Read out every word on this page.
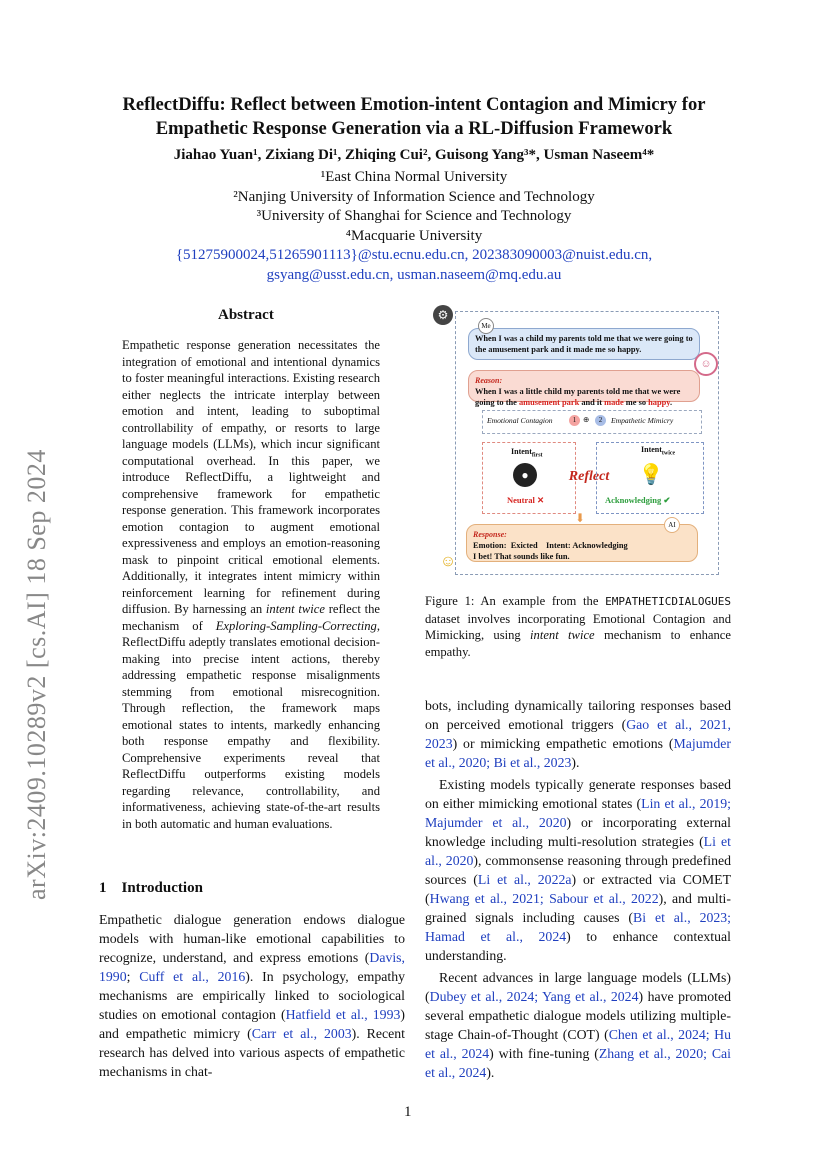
ReflectDiffu: Reflect between Emotion-intent Contagion and Mimicry for
Empathetic Response Generation via a RL-Diffusion Framework
Jiahao Yuan¹, Zixiang Di¹, Zhiqing Cui², Guisong Yang³*, Usman Naseem⁴*
¹East China Normal University
²Nanjing University of Information Science and Technology
³University of Shanghai for Science and Technology
⁴Macquarie University
{51275900024,51265901113}@stu.ecnu.edu.cn, 202383090003@nuist.edu.cn,
gsyang@usst.edu.cn, usman.naseem@mq.edu.au
arXiv:2409.10289v2 [cs.AI] 18 Sep 2024
Abstract

Empathetic response generation necessitates the integration of emotional and intentional dynamics to foster meaningful interactions. Existing research either neglects the intricate interplay between emotion and intent, leading to suboptimal controllability of empathy, or resorts to large language models (LLMs), which incur significant computational overhead. In this paper, we introduce ReflectDiffu, a lightweight and comprehensive framework for empathetic response generation. This framework incorporates emotion contagion to augment emotional expressiveness and employs an emotion-reasoning mask to pinpoint critical emotional elements. Additionally, it integrates intent mimicry within reinforcement learning for refinement during diffusion. By harnessing an intent twice reflect the mechanism of Exploring-Sampling-Correcting, ReflectDiffu adeptly translates emotional decision-making into precise intent actions, thereby addressing empathetic response misalignments stemming from emotional misrecognition. Through reflection, the framework maps emotional states to intents, markedly enhancing both response empathy and flexibility. Comprehensive experiments reveal that ReflectDiffu outperforms existing models regarding relevance, controllability, and informativeness, achieving state-of-the-art results in both automatic and human evaluations.

1    Introduction

Empathetic dialogue generation endows dialogue models with human-like emotional capabilities to recognize, understand, and express emotions (Davis, 1990; Cuff et al., 2016). In psychology, empathy mechanisms are empirically linked to sociological studies on emotional contagion (Hatfield et al., 1993) and empathetic mimicry (Carr et al., 2003). Recent research has delved into various aspects of empathetic mechanisms in chat-

bots, including dynamically tailoring responses based on perceived emotional triggers (Gao et al., 2021, 2023) or mimicking empathetic emotions (Majumder et al., 2020; Bi et al., 2023).

Existing models typically generate responses based on either mimicking emotional states (Lin et al., 2019; Majumder et al., 2020) or incorporating external knowledge including multi-resolution strategies (Li et al., 2020), commonsense reasoning through predefined sources (Li et al., 2022a) or extracted via COMET (Hwang et al., 2021; Sabour et al., 2022), and multi-grained signals including causes (Bi et al., 2023; Hamad et al., 2024) to enhance contextual understanding.

Recent advances in large language models (LLMs) (Dubey et al., 2024; Yang et al., 2024) have promoted several empathetic dialogue models utilizing multiple-stage Chain-of-Thought (COT) (Chen et al., 2024; Hu et al., 2024) with fine-tuning (Zhang et al., 2020; Cai et al., 2024).

When I was a child my parents told me that we were going to the amusement park and it made me so happy.
Reason:
When I was a little child my parents told me that we were going to the amusement park and it made me so happy.
Emotional Contagion	1 ⊕	2	Empathetic Mimicry
Intent$_{first}$
●
Neutral ✕
Reflect
Intent$_{twice}$
💡
Acknowledging ✔
⬇
Response:
Emotion:  Exicted    Intent: Acknowledging
I bet! That sounds like fun.
Me
AI
⚙
☺
☺
Figure 1: An example from the EMPATHETICDIALOGUES dataset involves incorporating Emotional Contagion and Mimicking, using intent twice mechanism to enhance empathy.
1
